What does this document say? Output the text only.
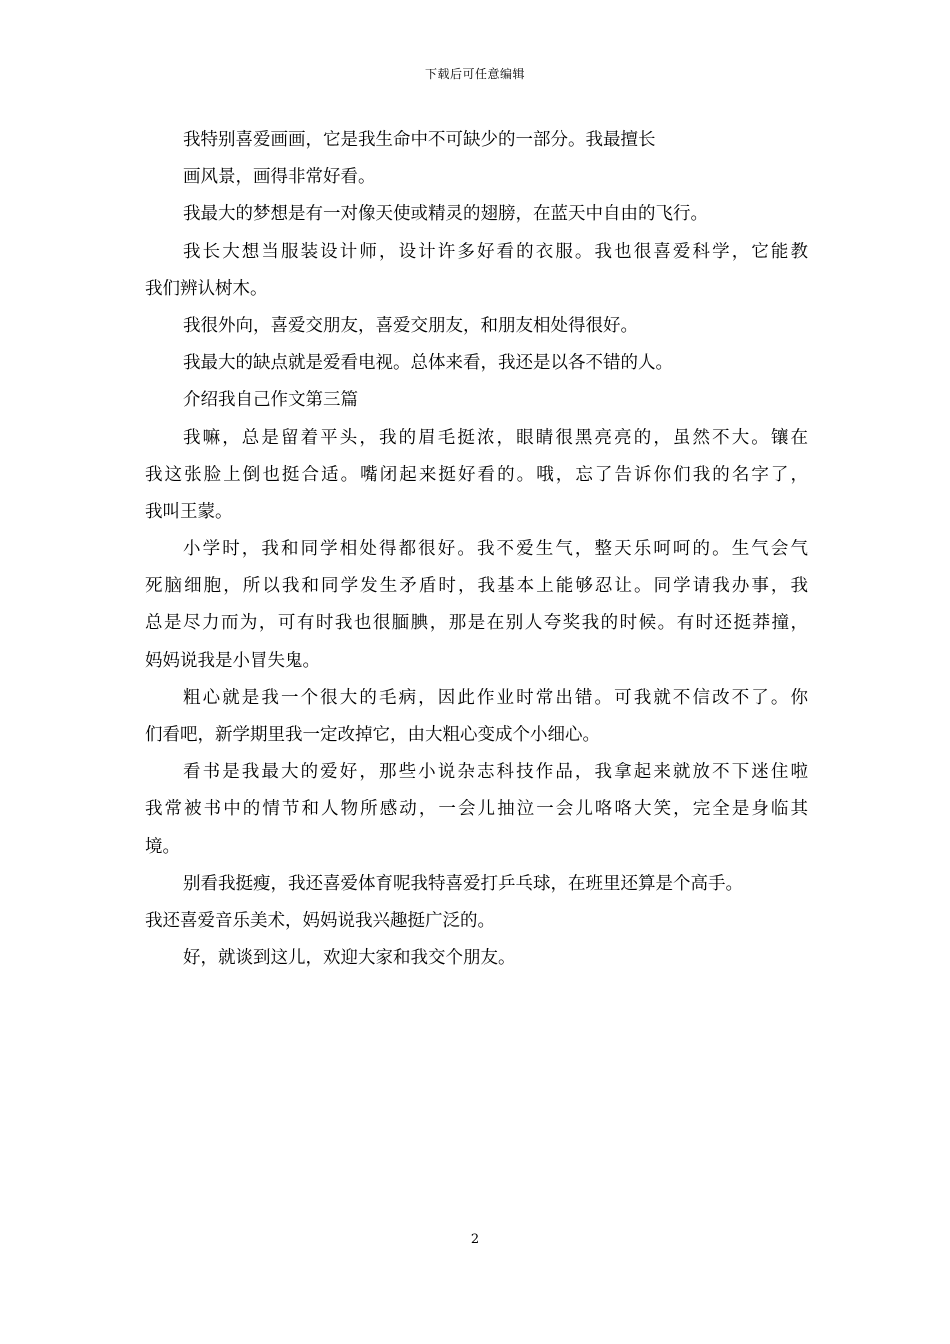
下载后可任意编辑
我特别喜爱画画，它是我生命中不可缺少的一部分。我最擅长
画风景，画得非常好看。
我最大的梦想是有一对像天使或精灵的翅膀，在蓝天中自由的飞行。
我长大想当服装设计师，设计许多好看的衣服。我也很喜爱科学，它能教
我们辨认树木。
我很外向，喜爱交朋友，喜爱交朋友，和朋友相处得很好。
我最大的缺点就是爱看电视。总体来看，我还是以各不错的人。
介绍我自己作文第三篇
我嘛，总是留着平头，我的眉毛挺浓，眼睛很黑亮亮的，虽然不大。镶在
我这张脸上倒也挺合适。嘴闭起来挺好看的。哦，忘了告诉你们我的名字了，
我叫王蒙。
小学时，我和同学相处得都很好。我不爱生气，整天乐呵呵的。生气会气
死脑细胞，所以我和同学发生矛盾时，我基本上能够忍让。同学请我办事，我
总是尽力而为，可有时我也很腼腆，那是在别人夸奖我的时候。有时还挺莽撞，
妈妈说我是小冒失鬼。
粗心就是我一个很大的毛病，因此作业时常出错。可我就不信改不了。你
们看吧，新学期里我一定改掉它，由大粗心变成个小细心。
看书是我最大的爱好，那些小说杂志科技作品，我拿起来就放不下迷住啦
我常被书中的情节和人物所感动，一会儿抽泣一会儿咯咯大笑，完全是身临其
境。
别看我挺瘦，我还喜爱体育呢我特喜爱打乒乓球，在班里还算是个高手。
我还喜爱音乐美术，妈妈说我兴趣挺广泛的。
好，就谈到这儿，欢迎大家和我交个朋友。
2
